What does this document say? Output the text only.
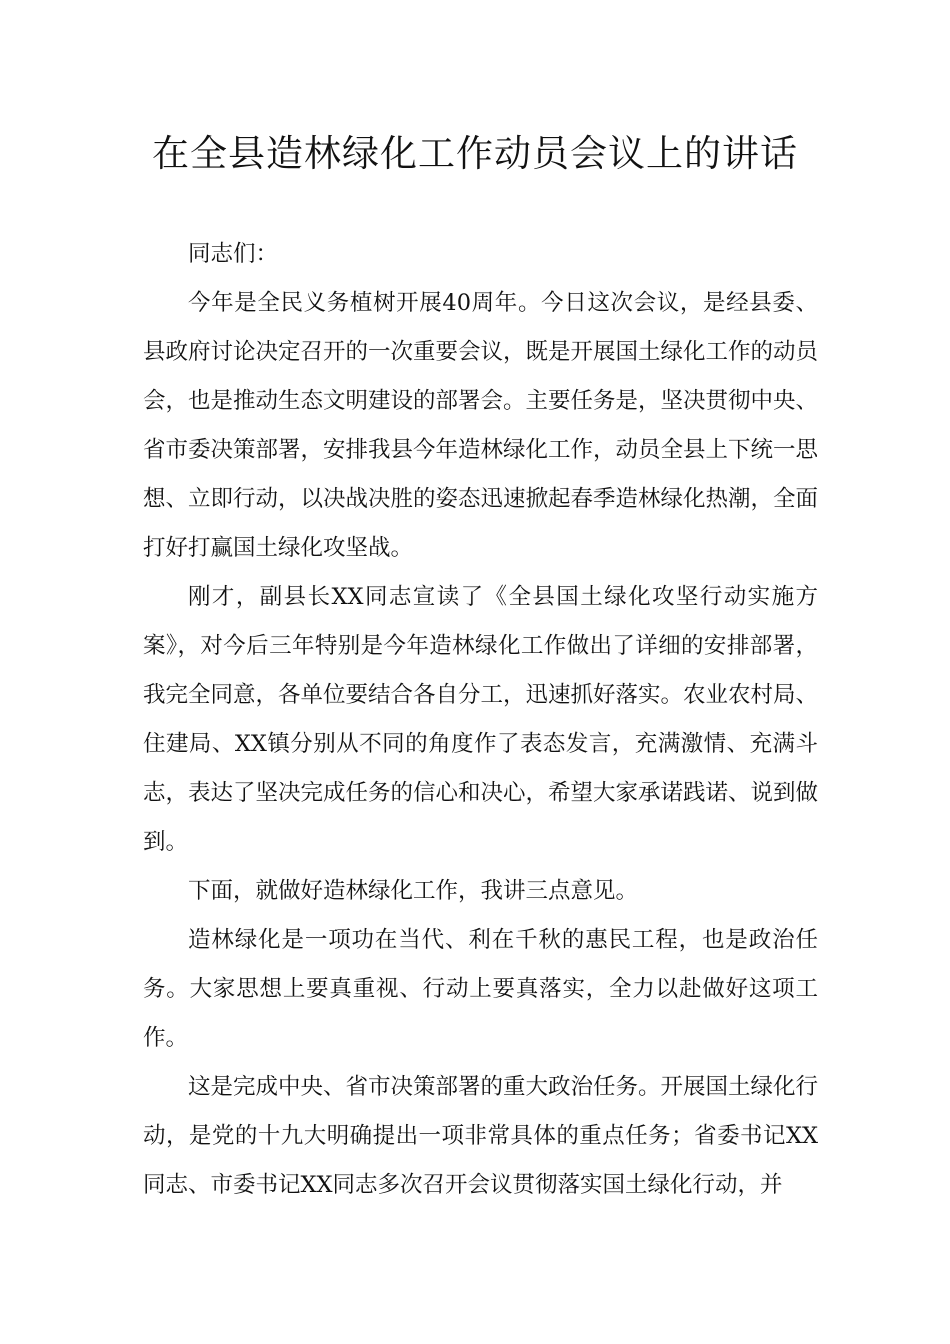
在全县造林绿化工作动员会议上的讲话

同志们：

今年是全民义务植树开展40周年。今日这次会议，是经县委、县政府讨论决定召开的一次重要会议，既是开展国土绿化工作的动员会，也是推动生态文明建设的部署会。主要任务是，坚决贯彻中央、省市委决策部署，安排我县今年造林绿化工作，动员全县上下统一思想、立即行动，以决战决胜的姿态迅速掀起春季造林绿化热潮，全面打好打赢国土绿化攻坚战。

刚才，副县长XX同志宣读了《全县国土绿化攻坚行动实施方案》，对今后三年特别是今年造林绿化工作做出了详细的安排部署，我完全同意，各单位要结合各自分工，迅速抓好落实。农业农村局、住建局、XX镇分别从不同的角度作了表态发言，充满激情、充满斗志，表达了坚决完成任务的信心和决心，希望大家承诺践诺、说到做到。

下面，就做好造林绿化工作，我讲三点意见。

造林绿化是一项功在当代、利在千秋的惠民工程，也是政治任务。大家思想上要真重视、行动上要真落实，全力以赴做好这项工作。

这是完成中央、省市决策部署的重大政治任务。开展国土绿化行动，是党的十九大明确提出一项非常具体的重点任务；省委书记XX同志、市委书记XX同志多次召开会议贯彻落实国土绿化行动，并
